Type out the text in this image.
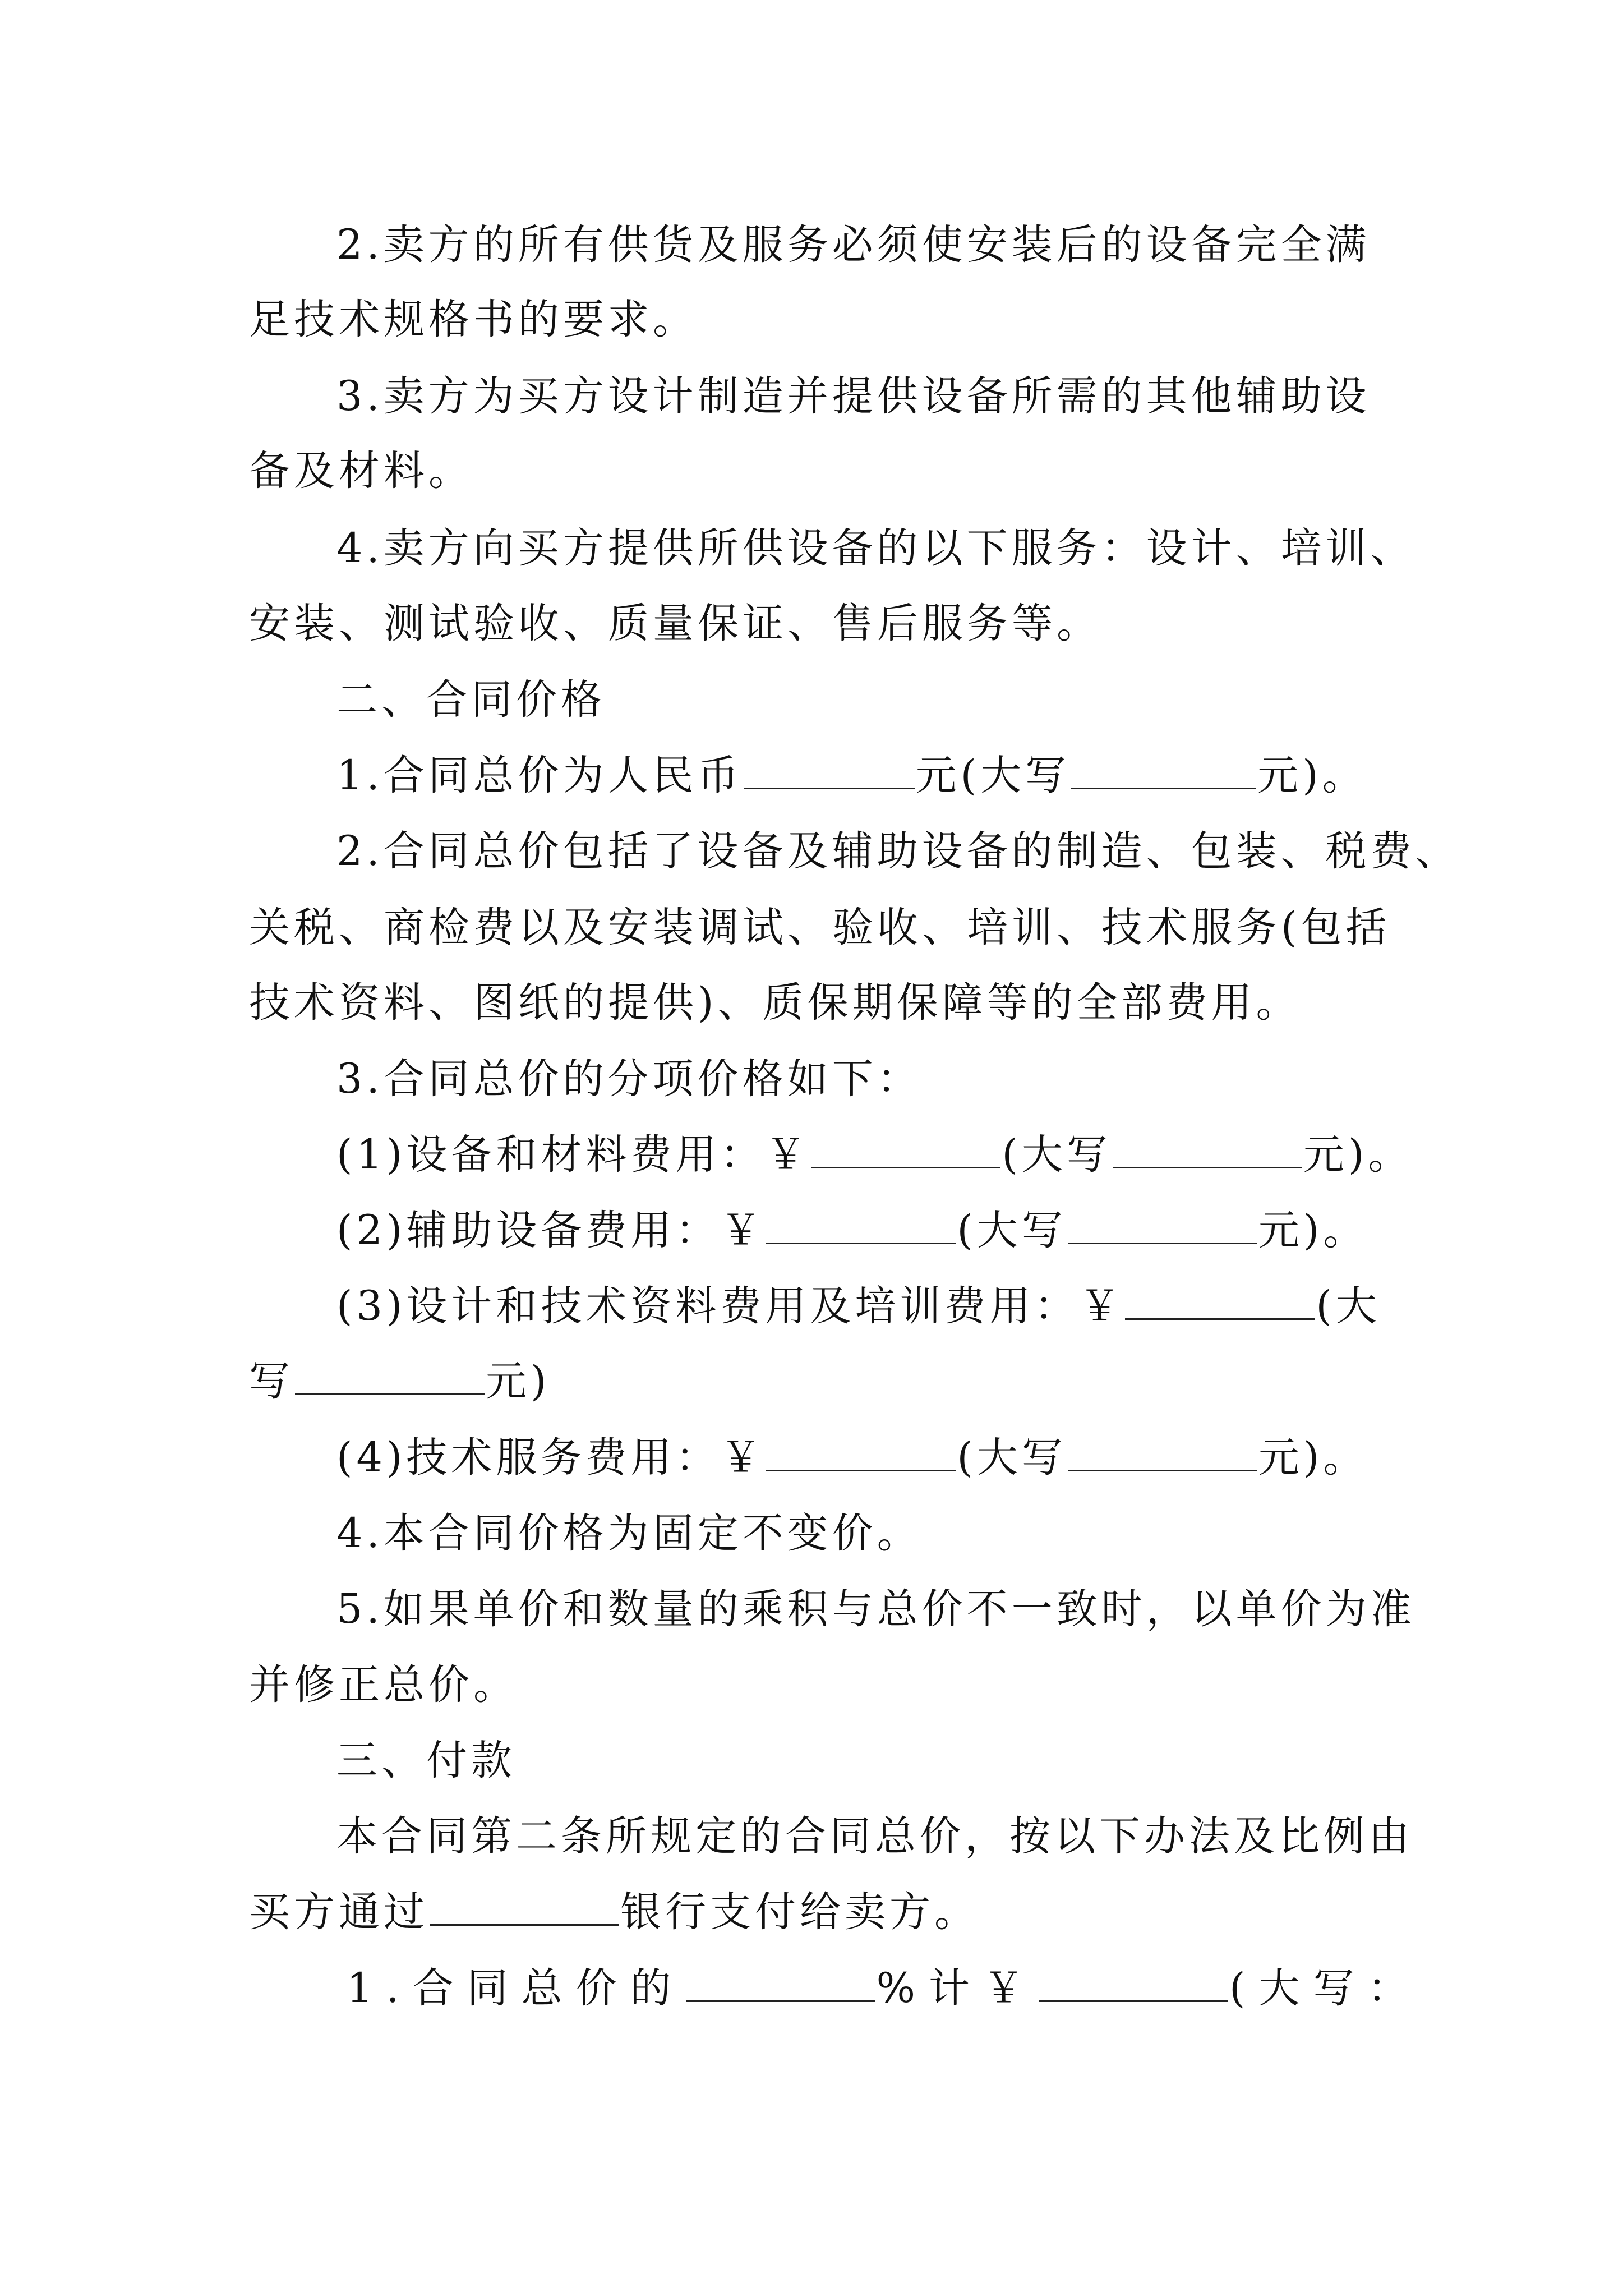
2.卖方的所有供货及服务必须使安装后的设备完全满
足技术规格书的要求。
3.卖方为买方设计制造并提供设备所需的其他辅助设
备及材料。
4.卖方向买方提供所供设备的以下服务：设计、培训、
安装、测试验收、质量保证、售后服务等。
二、合同价格
1.合同总价为人民币	元(大写	元)。
2.合同总价包括了设备及辅助设备的制造、包装、税费、
关税、商检费以及安装调试、验收、培训、技术服务(包括
技术资料、图纸的提供)、质保期保障等的全部费用。
3.合同总价的分项价格如下：
(1)设备和材料费用：￥	(大写	元)。
(2)辅助设备费用：￥	(大写	元)。
(3)设计和技术资料费用及培训费用：￥	(大
写	元)
(4)技术服务费用：￥	(大写	元)。
4.本合同价格为固定不变价。
5.如果单价和数量的乘积与总价不一致时，以单价为准
并修正总价。
三、付款
本合同第二条所规定的合同总价，按以下办法及比例由
买方通过	银行支付给卖方。
1.合同总价的	%计￥	(大写：
